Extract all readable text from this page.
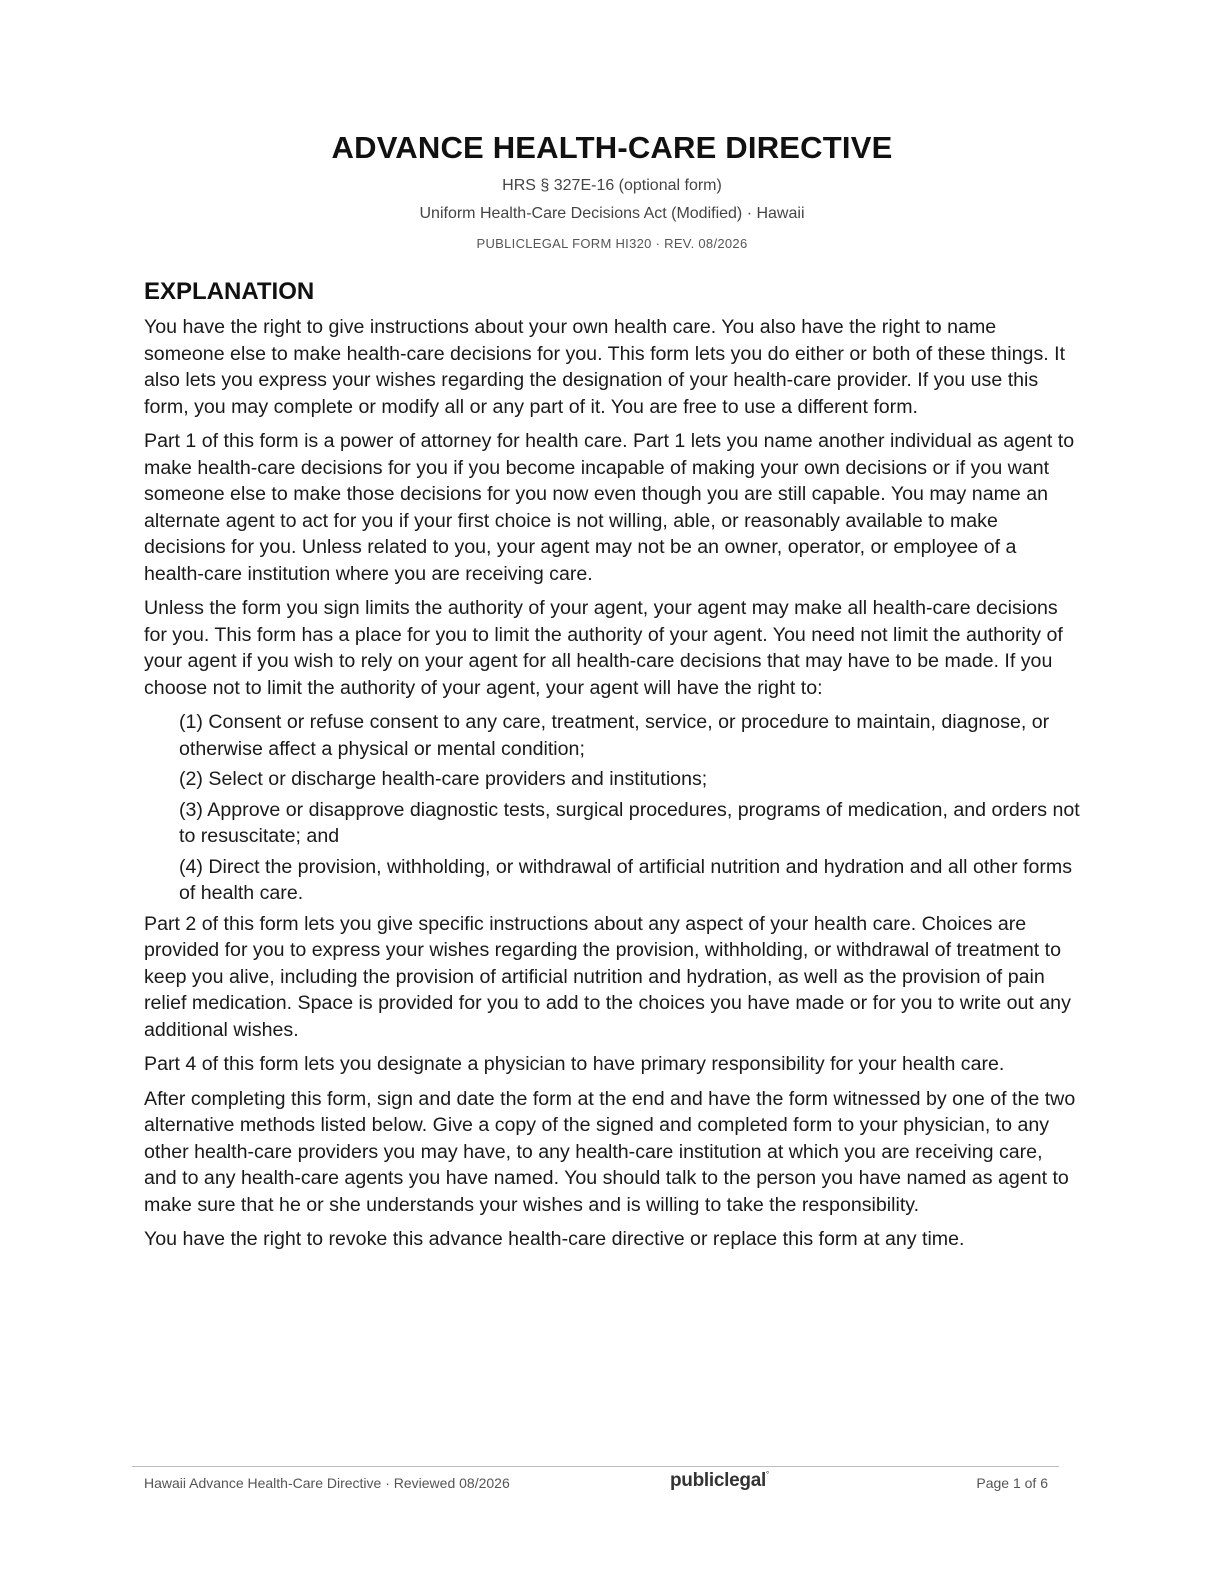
ADVANCE HEALTH-CARE DIRECTIVE

HRS § 327E-16 (optional form)

Uniform Health-Care Decisions Act (Modified) · Hawaii

PUBLICLEGAL FORM HI320 · REV. 08/2026

EXPLANATION

You have the right to give instructions about your own health care. You also have the right to name someone else to make health-care decisions for you. This form lets you do either or both of these things. It also lets you express your wishes regarding the designation of your health-care provider. If you use this form, you may complete or modify all or any part of it. You are free to use a different form.

Part 1 of this form is a power of attorney for health care. Part 1 lets you name another individual as agent to make health-care decisions for you if you become incapable of making your own decisions or if you want someone else to make those decisions for you now even though you are still capable. You may name an alternate agent to act for you if your first choice is not willing, able, or reasonably available to make decisions for you. Unless related to you, your agent may not be an owner, operator, or employee of a health-care institution where you are receiving care.

Unless the form you sign limits the authority of your agent, your agent may make all health-care decisions for you. This form has a place for you to limit the authority of your agent. You need not limit the authority of your agent if you wish to rely on your agent for all health-care decisions that may have to be made. If you choose not to limit the authority of your agent, your agent will have the right to:

(1) Consent or refuse consent to any care, treatment, service, or procedure to maintain, diagnose, or otherwise affect a physical or mental condition;
(2) Select or discharge health-care providers and institutions;
(3) Approve or disapprove diagnostic tests, surgical procedures, programs of medication, and orders not to resuscitate; and
(4) Direct the provision, withholding, or withdrawal of artificial nutrition and hydration and all other forms of health care.

Part 2 of this form lets you give specific instructions about any aspect of your health care. Choices are provided for you to express your wishes regarding the provision, withholding, or withdrawal of treatment to keep you alive, including the provision of artificial nutrition and hydration, as well as the provision of pain relief medication. Space is provided for you to add to the choices you have made or for you to write out any additional wishes.

Part 4 of this form lets you designate a physician to have primary responsibility for your health care.

After completing this form, sign and date the form at the end and have the form witnessed by one of the two alternative methods listed below. Give a copy of the signed and completed form to your physician, to any other health-care providers you may have, to any health-care institution at which you are receiving care, and to any health-care agents you have named. You should talk to the person you have named as agent to make sure that he or she understands your wishes and is willing to take the responsibility.

You have the right to revoke this advance health-care directive or replace this form at any time.

Hawaii Advance Health-Care Directive · Reviewed 08/2026	publiclegal°
Page 1 of 6
